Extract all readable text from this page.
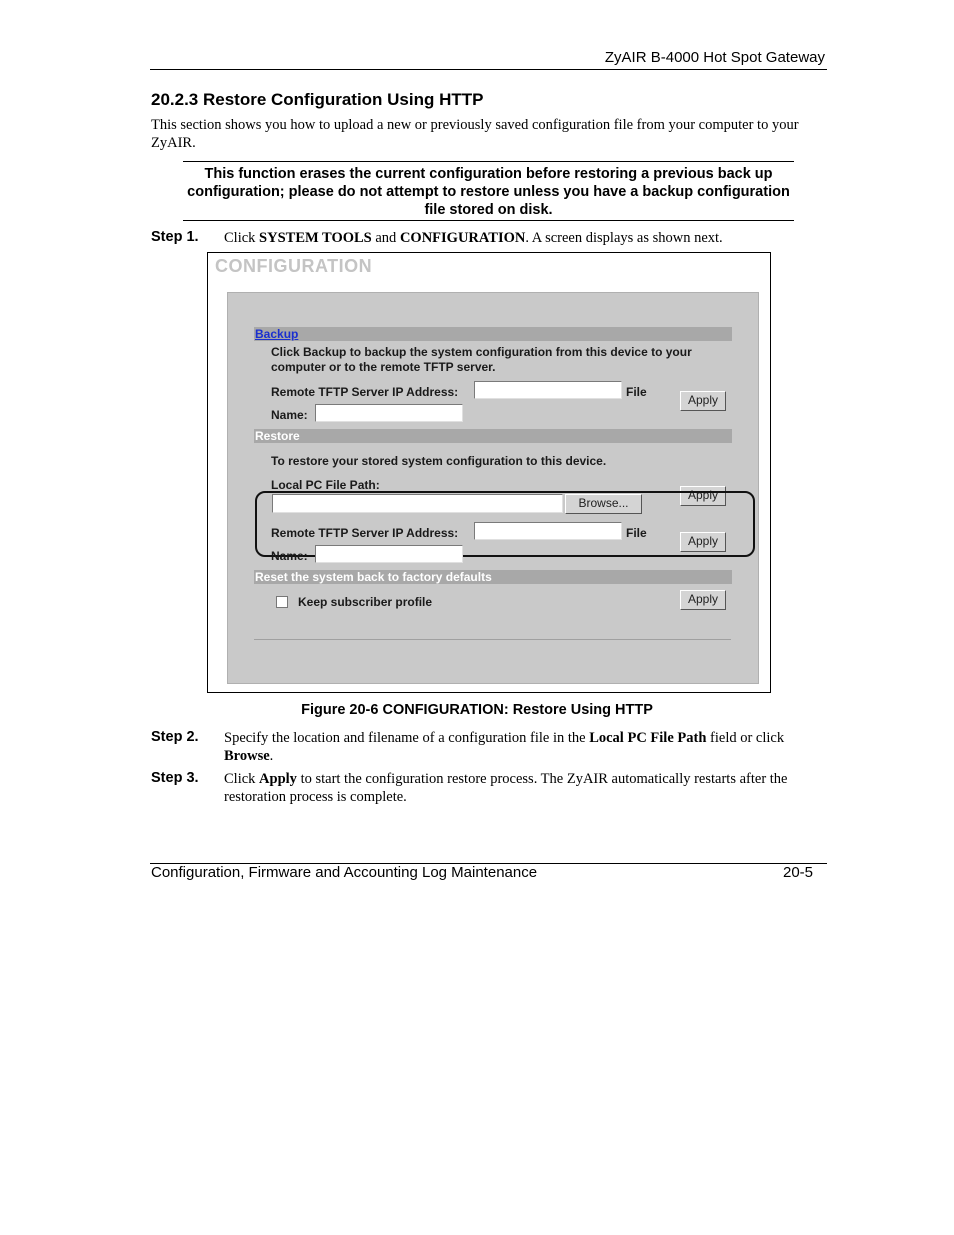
ZyAIR B-4000 Hot Spot Gateway
20.2.3 Restore Configuration Using HTTP
This section shows you how to upload a new or previously saved configuration file from your computer to your ZyAIR.
This function erases the current configuration before restoring a previous back up configuration; please do not attempt to restore unless you have a backup configuration file stored on disk.
Step 1. Click SYSTEM TOOLS and CONFIGURATION. A screen displays as shown next.
CONFIGURATION
Backup
Click Backup to backup the system configuration from this device to your
computer or to the remote TFTP server.
Remote TFTP Server IP Address:	File
Name:
Apply
Restore
To restore your stored system configuration to this device.
Local PC File Path:
Browse...
Apply
Remote TFTP Server IP Address:	File
Name:
Apply
Reset the system back to factory defaults
Keep subscriber profile	Apply
Figure 20-6 CONFIGURATION: Restore Using HTTP
Step 2. Specify the location and filename of a configuration file in the Local PC File Path field or click Browse.
Step 3. Click Apply to start the configuration restore process. The ZyAIR automatically restarts after the restoration process is complete.
Configuration, Firmware and Accounting Log Maintenance	20-5
